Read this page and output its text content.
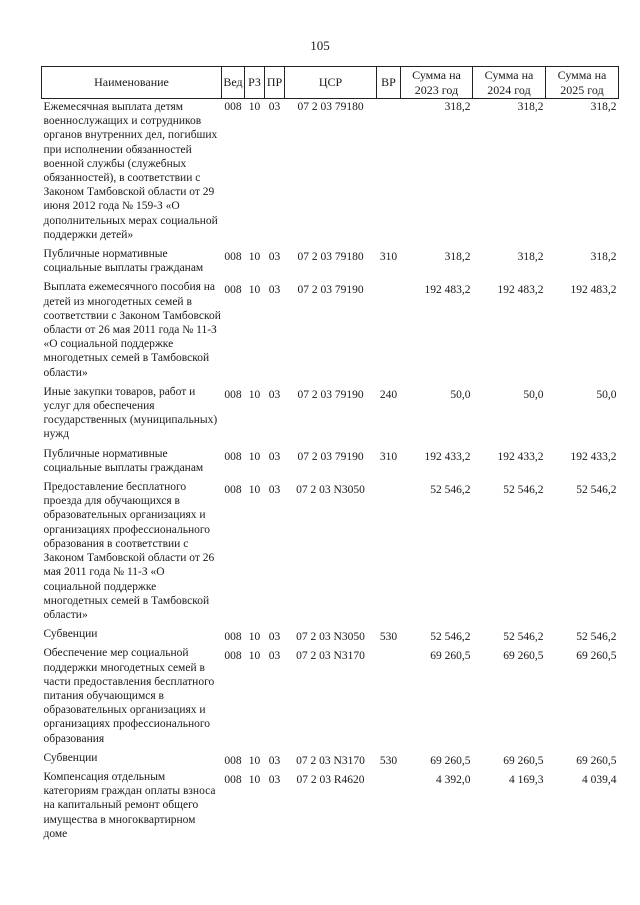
105
Наименование	Вед	РЗ	ПР	ЦСР	ВР	Сумма на 2023 год	Сумма на 2024 год	Сумма на 2025 год
Ежемесячная выплата детям военнослужащих и сотрудников органов внутренних дел, погибших при исполнении обязанностей военной службы (служебных обязанностей), в соответствии с Законом Тамбовской области от 29 июня 2012 года № 159-З «О дополнительных мерах социальной поддержки детей»	008	10	03	07 2 03 79180		318,2	318,2	318,2
Публичные нормативные социальные выплаты гражданам	008	10	03	07 2 03 79180	310	318,2	318,2	318,2
Выплата ежемесячного пособия на детей из многодетных семей в соответствии с Законом Тамбовской области от 26 мая 2011 года № 11-З «О социальной поддержке многодетных семей в Тамбовской области»	008	10	03	07 2 03 79190		192 483,2	192 483,2	192 483,2
Иные закупки товаров, работ и услуг для обеспечения государственных (муниципальных) нужд	008	10	03	07 2 03 79190	240	50,0	50,0	50,0
Публичные нормативные социальные выплаты гражданам	008	10	03	07 2 03 79190	310	192 433,2	192 433,2	192 433,2
Предоставление бесплатного проезда для обучающихся в образовательных организациях и организациях профессионального образования в соответствии с Законом Тамбовской области от 26 мая 2011 года № 11-З «О социальной поддержке многодетных семей в Тамбовской области»	008	10	03	07 2 03 N3050		52 546,2	52 546,2	52 546,2
Субвенции	008	10	03	07 2 03 N3050	530	52 546,2	52 546,2	52 546,2
Обеспечение мер социальной поддержки многодетных семей в части предоставления бесплатного питания обучающимся в образовательных организациях и организациях профессионального образования	008	10	03	07 2 03 N3170		69 260,5	69 260,5	69 260,5
Субвенции	008	10	03	07 2 03 N3170	530	69 260,5	69 260,5	69 260,5
Компенсация отдельным категориям граждан оплаты взноса на капитальный ремонт общего имущества в многоквартирном доме	008	10	03	07 2 03 R4620		4 392,0	4 169,3	4 039,4
